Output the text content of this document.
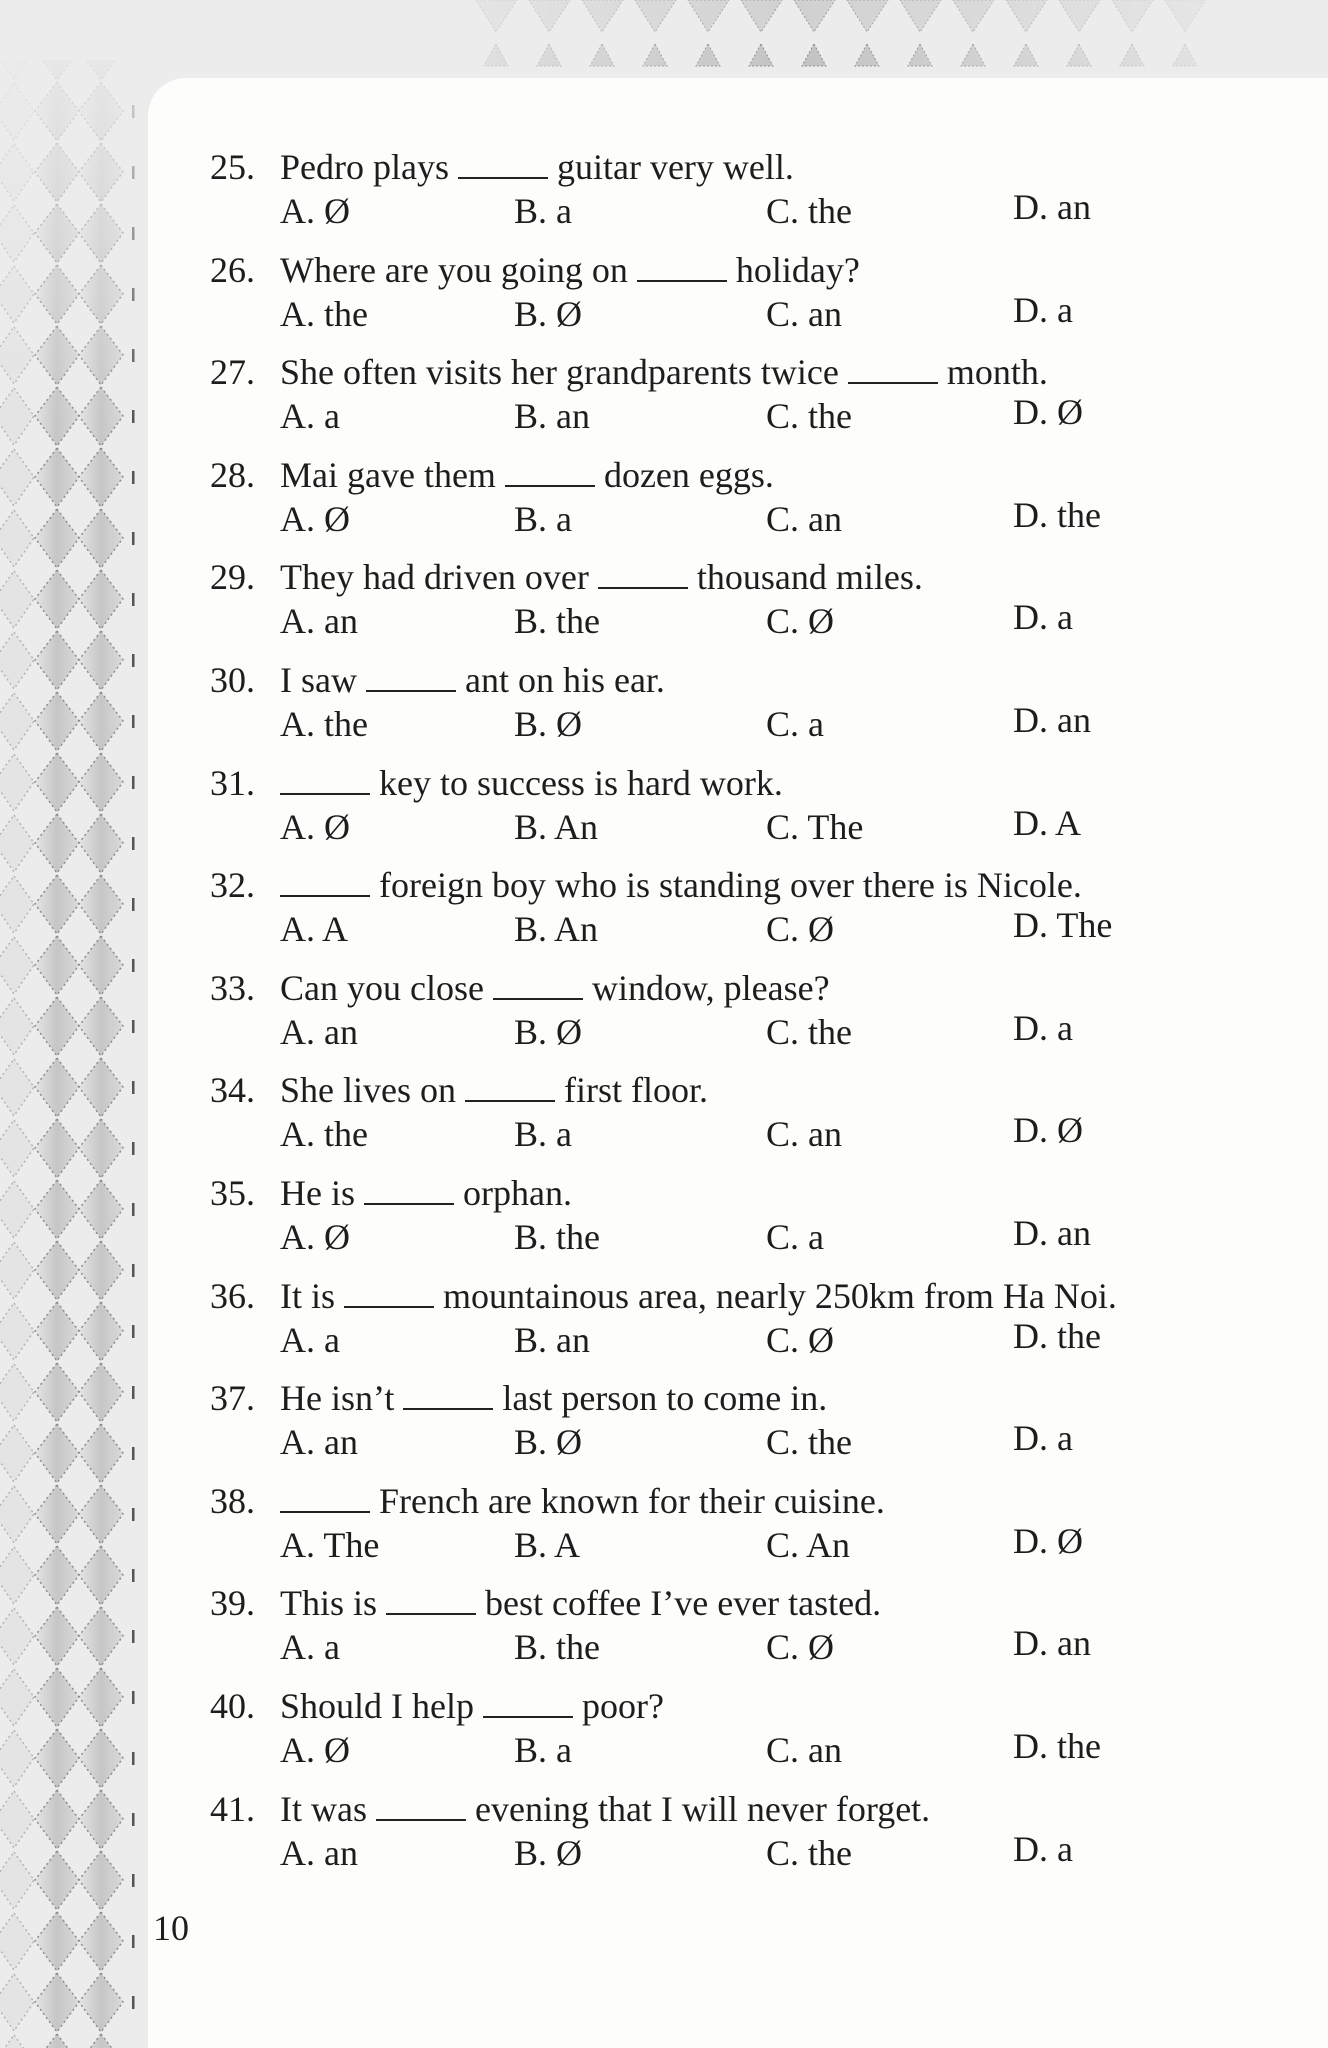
25. Pedro plays	guitar very well.
A. Ø	B. a	C. the	D. an
26. Where are you going on	holiday?
A. the	B. Ø	C. an	D. a
27. She often visits her grandparents twice	month.
A. a	B. an	C. the	D. Ø
28. Mai gave them	dozen eggs.
A. Ø	B. a	C. an	D. the
29. They had driven over	thousand miles.
A. an	B. the	C. Ø	D. a
30. I saw	ant on his ear.
A. the	B. Ø	C. a	D. an
31.	key to success is hard work.
A. Ø	B. An	C. The	D. A
32.	foreign boy who is standing over there is Nicole.
A. A	B. An	C. Ø	D. The
33. Can you close	window, please?
A. an	B. Ø	C. the	D. a
34. She lives on	first floor.
A. the	B. a	C. an	D. Ø
35. He is	orphan.
A. Ø	B. the	C. a	D. an
36. It is	mountainous area, nearly 250km from Ha Noi.
A. a	B. an	C. Ø	D. the
37. He isn’t	last person to come in.
A. an	B. Ø	C. the	D. a
38.	French are known for their cuisine.
A. The	B. A	C. An	D. Ø
39. This is	best coffee I’ve ever tasted.
A. a	B. the	C. Ø	D. an
40. Should I help	poor?
A. Ø	B. a	C. an	D. the
41. It was	evening that I will never forget.
A. an	B. Ø	C. the	D. a
10
